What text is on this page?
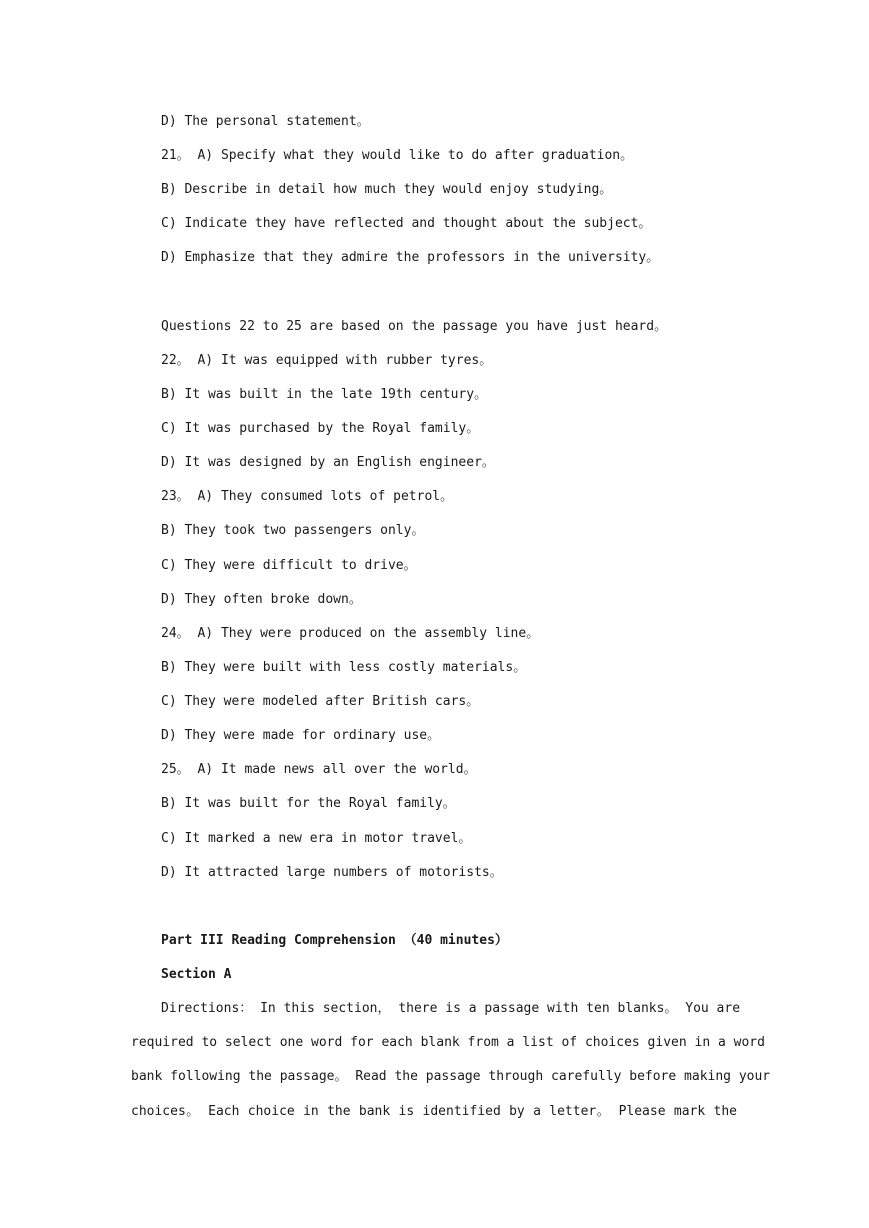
D) The personal statement。
21。 A) Specify what they would like to do after graduation。
B) Describe in detail how much they would enjoy studying。
C) Indicate they have reflected and thought about the subject。
D) Emphasize that they admire the professors in the university。
Questions 22 to 25 are based on the passage you have just heard。
22。 A) It was equipped with rubber tyres。
B) It was built in the late 19th century。
C) It was purchased by the Royal family。
D) It was designed by an English engineer。
23。 A) They consumed lots of petrol。
B) They took two passengers only。
C) They were difficult to drive。
D) They often broke down。
24。 A) They were produced on the assembly line。
B) They were built with less costly materials。
C) They were modeled after British cars。
D) They were made for ordinary use。
25。 A) It made news all over the world。
B) It was built for the Royal family。
C) It marked a new era in motor travel。
D) It attracted large numbers of motorists。
Part III Reading Comprehension （40 minutes）
Section A
Directions： In this section， there is a passage with ten blanks。 You are
required to select one word for each blank from a list of choices given in a word
bank following the passage。 Read the passage through carefully before making your
choices。 Each choice in the bank is identified by a letter。 Please mark the
